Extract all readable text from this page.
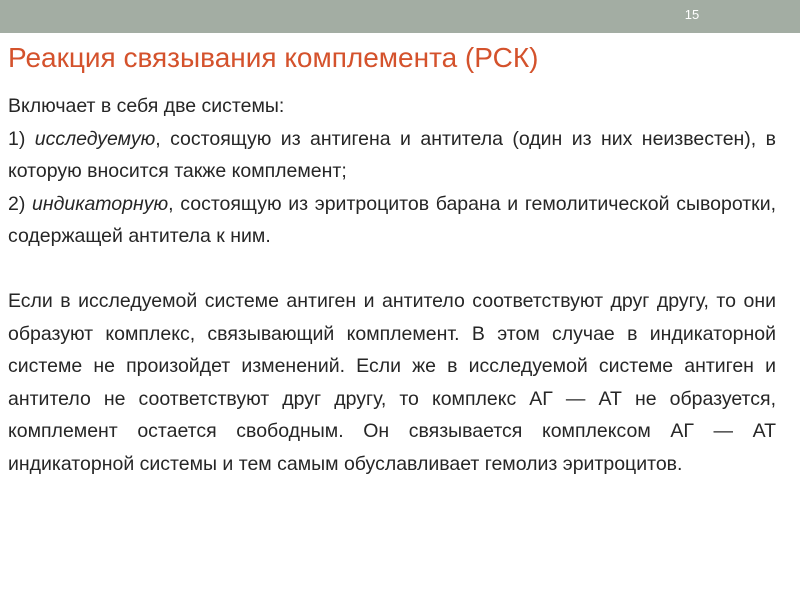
15
Реакция связывания комплемента (РСК)

Включает в себя две системы:

1) исследуемую, состоящую из антигена и антитела (один из них неизвестен), в которую вносится также комплемент;

2) индикаторную, состоящую из эритроцитов барана и гемолитической сыворотки, содержащей антитела к ним.

Если в исследуемой системе антиген и антитело соответствуют друг другу, то они образуют комплекс, связывающий комплемент. В этом случае в индикаторной системе не произойдет изменений. Если же в исследуемой системе антиген и антитело не соответствуют друг другу, то комплекс АГ — АТ не образуется, комплемент остается свободным. Он связывается комплексом АГ — АТ индикаторной системы и тем самым обуславливает гемолиз эритроцитов.
